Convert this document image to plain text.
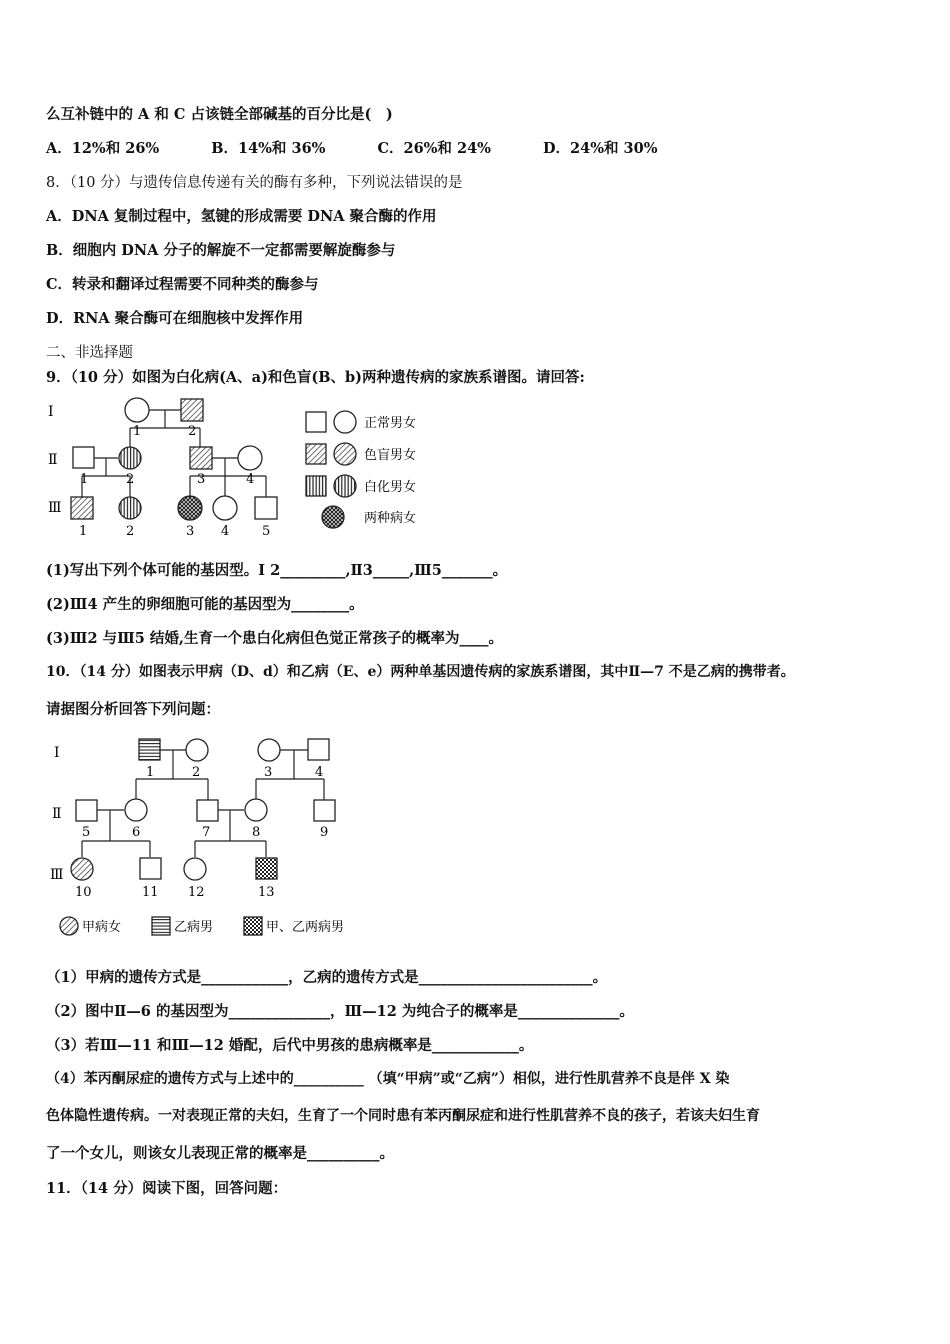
么互补链中的 A 和 C 占该链全部碱基的百分比是(　)
A．12%和 26%	B．14%和 36%	C．26%和 24%	D．24%和 30%
8．（10 分）与遗传信息传递有关的酶有多种，下列说法错误的是
A．DNA 复制过程中，氢键的形成需要 DNA 聚合酶的作用
B．细胞内 DNA 分子的解旋不一定都需要解旋酶参与
C．转录和翻译过程需要不同种类的酶参与
D．RNA 聚合酶可在细胞核中发挥作用
二、非选择题
9．（10 分）如图为白化病(A、a)和色盲(B、b)两种遗传病的家族系谱图。请回答:
Ⅰ
Ⅱ
Ⅲ
1	2
1	2	3	4
1	2	3 4	5
正常男女
色盲男女
白化男女
两种病女
(1)写出下列个体可能的基因型。Ⅰ 2_________,Ⅱ3_____,Ⅲ5_______。
(2)Ⅲ4 产生的卵细胞可能的基因型为________。
(3)Ⅲ2 与Ⅲ5 结婚,生育一个患白化病但色觉正常孩子的概率为____。
10．（14 分）如图表示甲病（D、d）和乙病（E、e）两种单基因遗传病的家族系谱图，其中Ⅱ—7 不是乙病的携带者。
请据图分析回答下列问题：
Ⅰ
Ⅱ
Ⅲ
1	2	3	4
5	6	7	8	9
10	11 12	13
甲病女	乙病男	甲、乙两病男
（1）甲病的遗传方式是____________，乙病的遗传方式是________________________。
（2）图中Ⅱ—6 的基因型为______________，Ⅲ—12 为纯合子的概率是______________。
（3）若Ⅲ—11 和Ⅲ—12 婚配，后代中男孩的患病概率是____________。
（4）苯丙酮尿症的遗传方式与上述中的__________ （填“甲病”或“乙病”）相似，进行性肌营养不良是伴 X 染
色体隐性遗传病。一对表现正常的夫妇，生育了一个同时患有苯丙酮尿症和进行性肌营养不良的孩子，若该夫妇生育
了一个女儿，则该女儿表现正常的概率是__________。
11．（14 分）阅读下图，回答问题：
